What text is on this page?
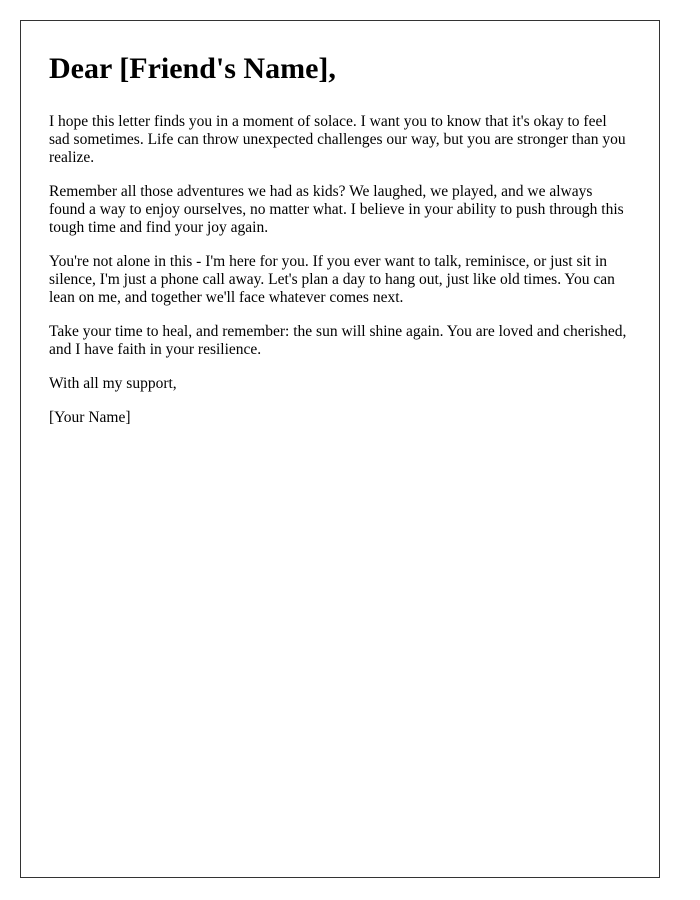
Dear [Friend's Name],

I hope this letter finds you in a moment of solace. I want you to know that it's okay to feel sad sometimes. Life can throw unexpected challenges our way, but you are stronger than you realize.

Remember all those adventures we had as kids? We laughed, we played, and we always found a way to enjoy ourselves, no matter what. I believe in your ability to push through this tough time and find your joy again.

You're not alone in this - I'm here for you. If you ever want to talk, reminisce, or just sit in silence, I'm just a phone call away. Let's plan a day to hang out, just like old times. You can lean on me, and together we'll face whatever comes next.

Take your time to heal, and remember: the sun will shine again. You are loved and cherished, and I have faith in your resilience.

With all my support,

[Your Name]
